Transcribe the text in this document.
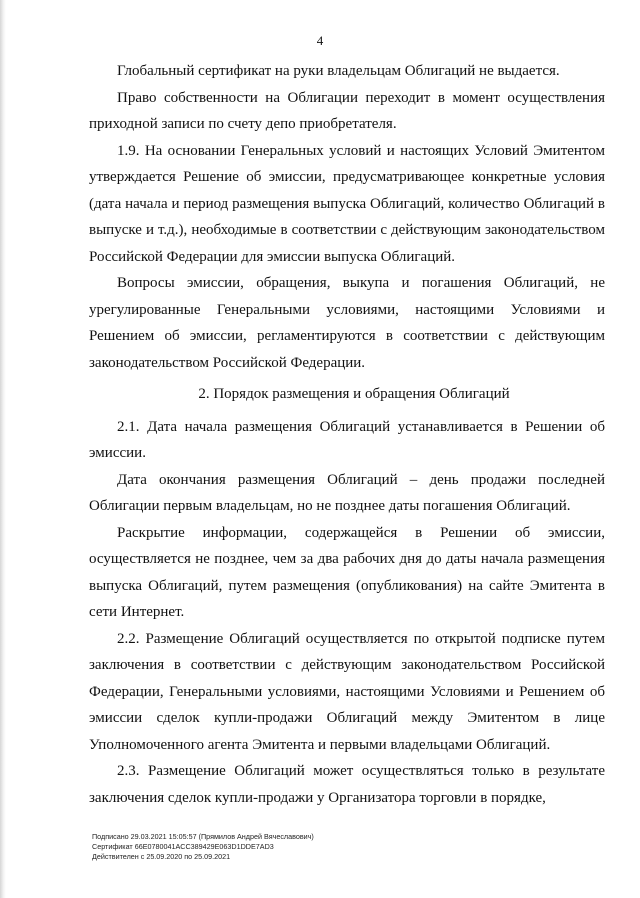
4

Глобальный сертификат на руки владельцам Облигаций не выдается.

Право собственности на Облигации переходит в момент осуществления приходной записи по счету депо приобретателя.

1.9. На основании Генеральных условий и настоящих Условий Эмитентом утверждается Решение об эмиссии, предусматривающее конкретные условия (дата начала и период размещения выпуска Облигаций, количество Облигаций в выпуске и т.д.), необходимые в соответствии с действующим законодательством Российской Федерации для эмиссии выпуска Облигаций.

Вопросы эмиссии, обращения, выкупа и погашения Облигаций, не урегулированные Генеральными условиями, настоящими Условиями и Решением об эмиссии, регламентируются в соответствии с действующим законодательством Российской Федерации.

2. Порядок размещения и обращения Облигаций

2.1. Дата начала размещения Облигаций устанавливается в Решении об эмиссии.

Дата окончания размещения Облигаций – день продажи последней Облигации первым владельцам, но не позднее даты погашения Облигаций.

Раскрытие информации, содержащейся в Решении об эмиссии, осуществляется не позднее, чем за два рабочих дня до даты начала размещения выпуска Облигаций, путем размещения (опубликования) на сайте Эмитента в сети Интернет.

2.2. Размещение Облигаций осуществляется по открытой подписке путем заключения в соответствии с действующим законодательством Российской Федерации, Генеральными условиями, настоящими Условиями и Решением об эмиссии сделок купли-продажи Облигаций между Эмитентом в лице Уполномоченного агента Эмитента и первыми владельцами Облигаций.

2.3. Размещение Облигаций может осуществляться только в результате заключения сделок купли-продажи у Организатора торговли в порядке,

Подписано 29.03.2021 15:05:57 (Прямилов Андрей Вячеславович)
Сертификат 66E0780041ACC389429E063D1DDE7AD3
Действителен с 25.09.2020 по 25.09.2021
